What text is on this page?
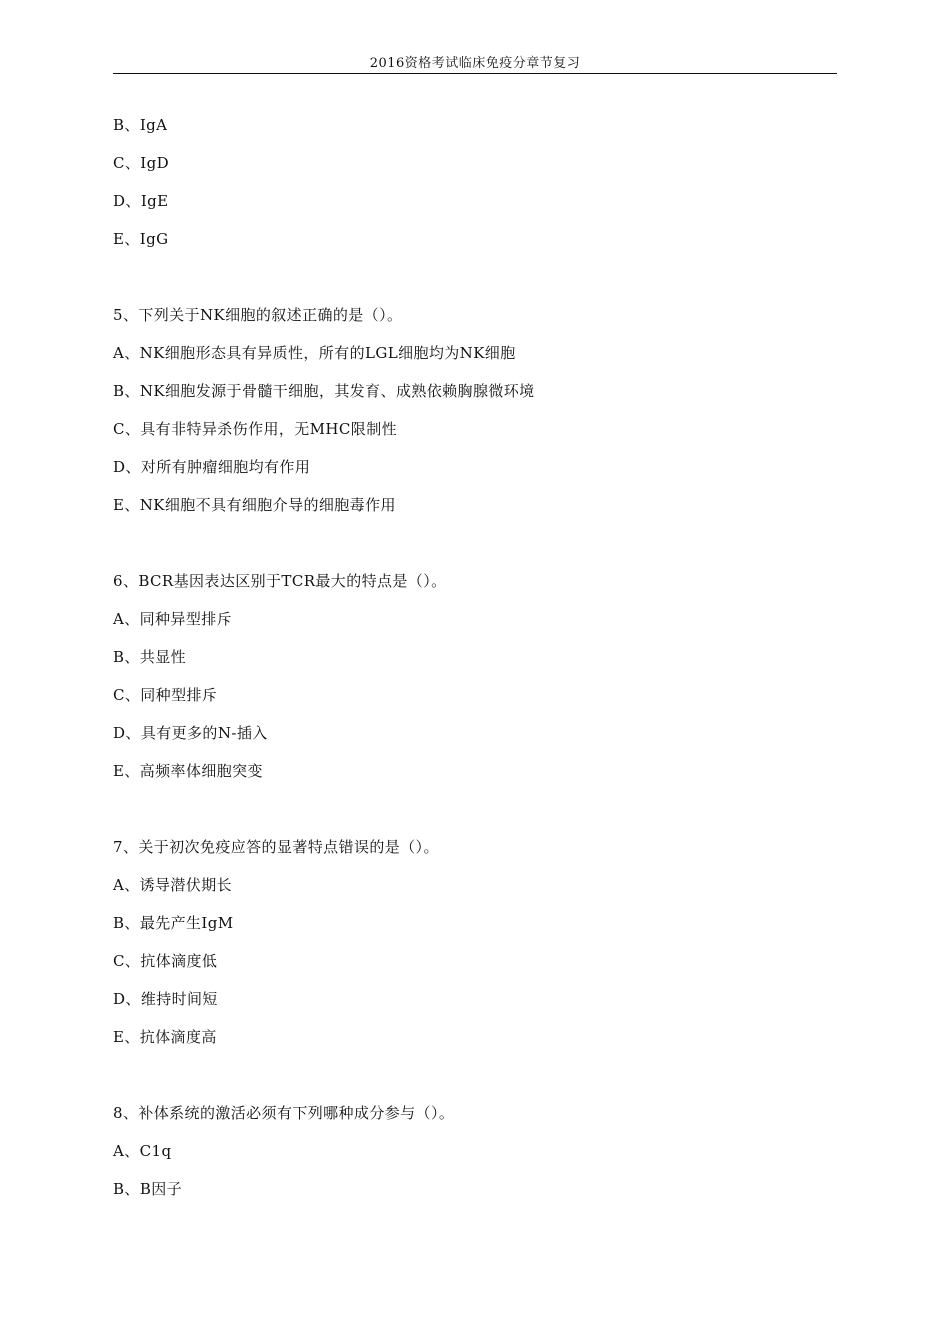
2016资格考试临床免疫分章节复习
B、IgA
C、IgD
D、IgE
E、IgG
5、下列关于NK细胞的叙述正确的是（）。
A、NK细胞形态具有异质性，所有的LGL细胞均为NK细胞
B、NK细胞发源于骨髓干细胞，其发育、成熟依赖胸腺微环境
C、具有非特异杀伤作用，无MHC限制性
D、对所有肿瘤细胞均有作用
E、NK细胞不具有细胞介导的细胞毒作用
6、BCR基因表达区别于TCR最大的特点是（）。
A、同种异型排斥
B、共显性
C、同种型排斥
D、具有更多的N-插入
E、高频率体细胞突变
7、关于初次免疫应答的显著特点错误的是（）。
A、诱导潜伏期长
B、最先产生IgM
C、抗体滴度低
D、维持时间短
E、抗体滴度高
8、补体系统的激活必须有下列哪种成分参与（）。
A、C1q
B、B因子
